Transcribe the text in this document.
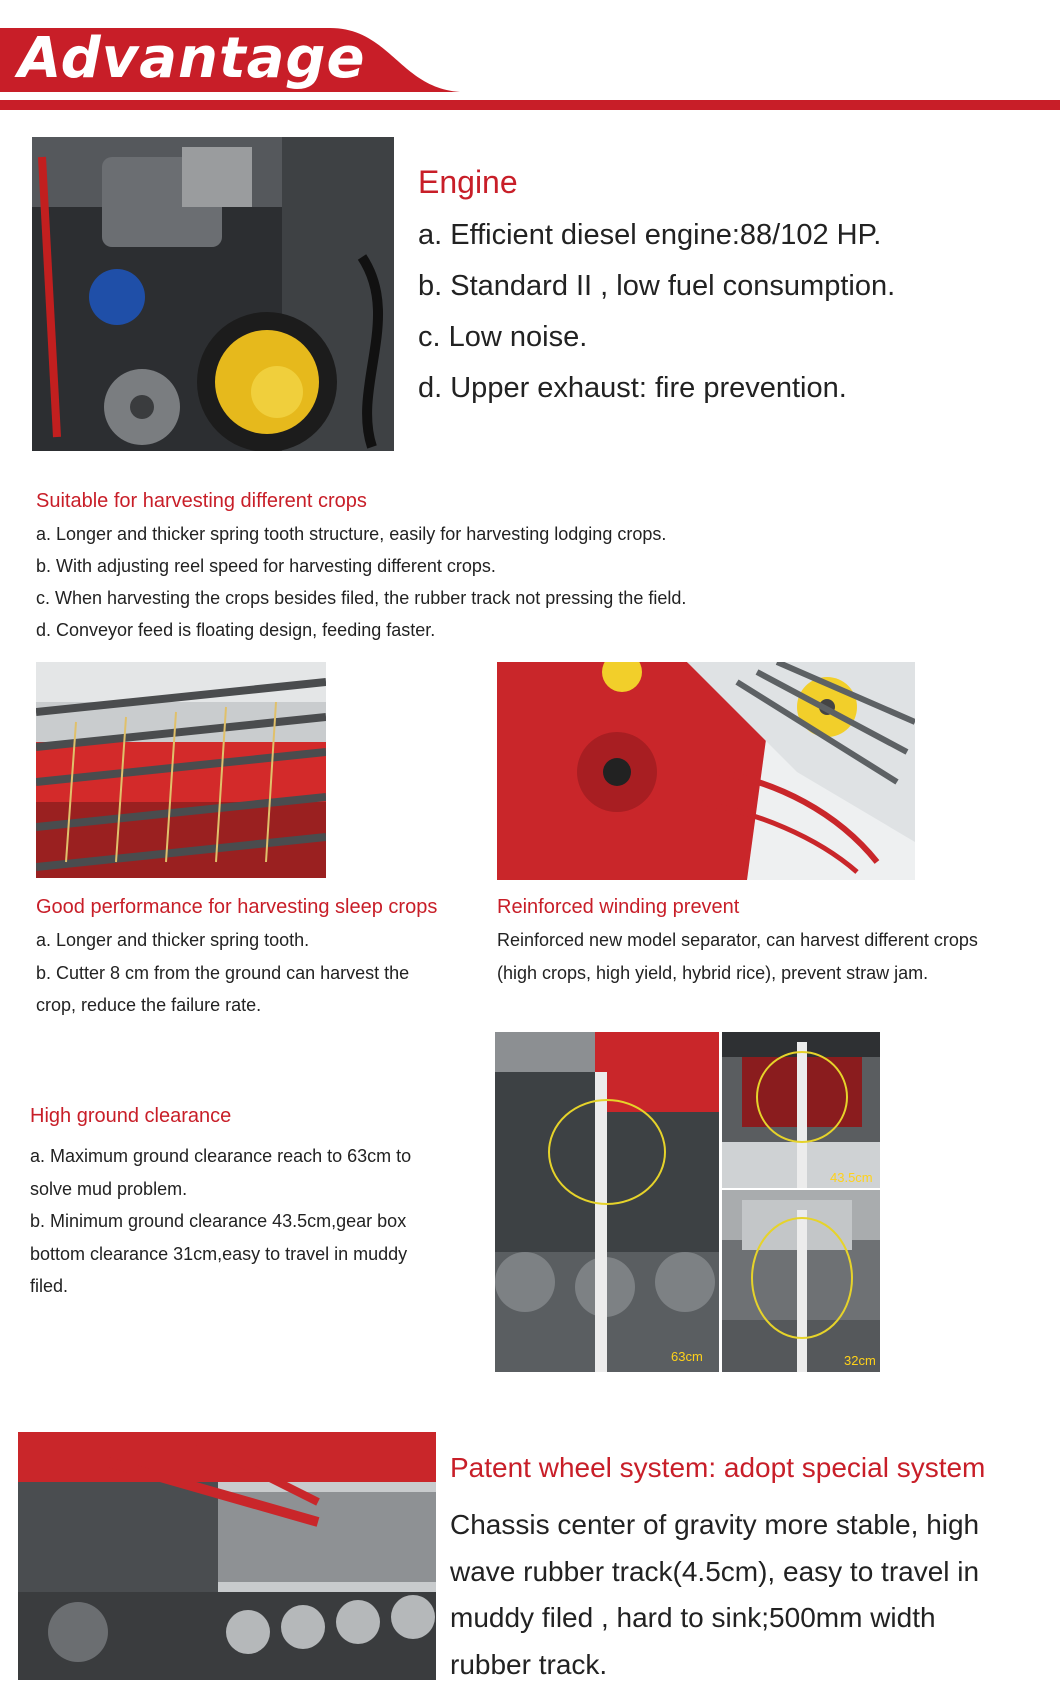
Advantage
Engine
a. Efficient diesel engine:88/102 HP.
b. Standard II , low fuel consumption.
c. Low noise.
d. Upper exhaust: fire prevention.
Suitable for harvesting different crops
a. Longer and thicker spring tooth structure, easily for harvesting lodging crops.
b. With adjusting reel speed for harvesting different crops.
c. When harvesting the crops besides filed, the rubber track not pressing the field.
d. Conveyor feed is floating design, feeding faster.
Good performance for harvesting sleep crops
a. Longer and thicker spring tooth.
b. Cutter 8 cm from the ground can harvest the
crop, reduce the failure rate.
Reinforced winding prevent
Reinforced new model separator, can harvest different crops
(high crops, high yield, hybrid rice), prevent straw jam.
High ground clearance
a. Maximum ground clearance reach to 63cm to
solve mud problem.
b. Minimum ground clearance 43.5cm,gear box
bottom clearance 31cm,easy to travel in muddy
filed.
63cm
43.5cm
32cm
Patent wheel system: adopt special system
Chassis center of gravity more stable, high
wave rubber track(4.5cm), easy to travel in
muddy filed , hard to sink;500mm width
rubber track.
